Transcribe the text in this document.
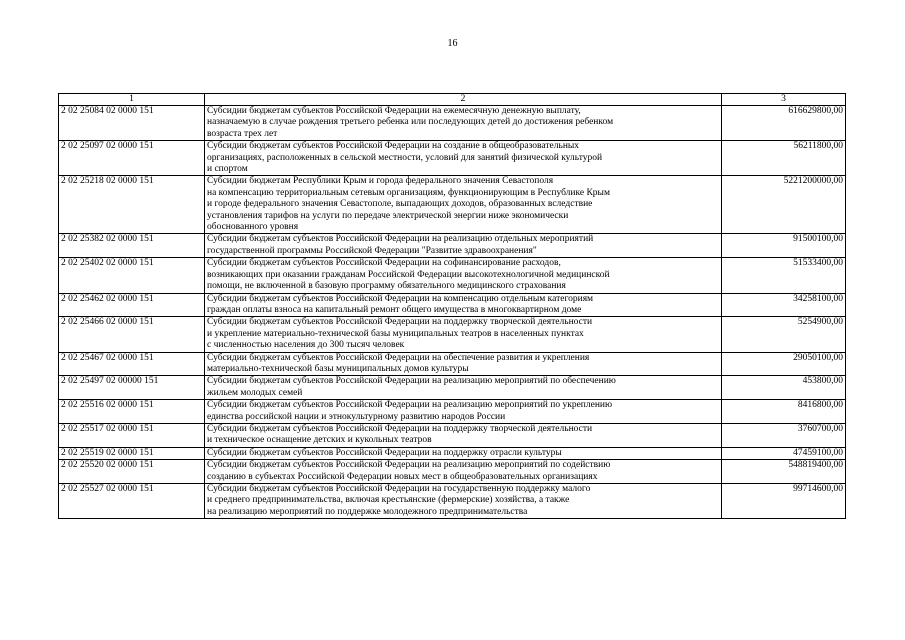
16
1	2	3
2 02 25084 02 0000 151	Субсидии бюджетам субъектов Российской Федерации на ежемесячную денежную выплату,
назначаемую в случае рождения третьего ребенка или последующих детей до достижения ребенком
возраста трех лет	616629800,00
2 02 25097 02 0000 151	Субсидии бюджетам субъектов Российской Федерации на создание в общеобразовательных
организациях, расположенных в сельской местности, условий для занятий физической культурой
и спортом	56211800,00
2 02 25218 02 0000 151	Субсидии бюджетам Республики Крым и города федерального значения Севастополя
на компенсацию территориальным сетевым организациям, функционирующим в Республике Крым
и городе федерального значения Севастополе, выпадающих доходов, образованных вследствие
установления тарифов на услуги по передаче электрической энергии ниже экономически
обоснованного уровня	5221200000,00
2 02 25382 02 0000 151	Субсидии бюджетам субъектов Российской Федерации на реализацию отдельных мероприятий
государственной программы Российской Федерации "Развитие здравоохранения"	91500100,00
2 02 25402 02 0000 151	Субсидии бюджетам субъектов Российской Федерации на софинансирование расходов,
возникающих при оказании гражданам Российской Федерации высокотехнологичной медицинской
помощи, не включенной в базовую программу обязательного медицинского страхования	51533400,00
2 02 25462 02 0000 151	Субсидии бюджетам субъектов Российской Федерации на компенсацию отдельным категориям
граждан оплаты взноса на капитальный ремонт общего имущества в многоквартирном доме	34258100,00
2 02 25466 02 0000 151	Субсидии бюджетам субъектов Российской Федерации на поддержку творческой деятельности
и укрепление материально-технической базы муниципальных театров в населенных пунктах
с численностью населения до 300 тысяч человек	5254900,00
2 02 25467 02 0000 151	Субсидии бюджетам субъектов Российской Федерации на обеспечение развития и укрепления
материально-технической базы муниципальных домов культуры	29050100,00
2 02 25497 02 00000 151	Субсидии бюджетам субъектов Российской Федерации на реализацию мероприятий по обеспечению
жильем молодых семей	453800,00
2 02 25516 02 0000 151	Субсидии бюджетам субъектов Российской Федерации на реализацию мероприятий по укреплению
единства российской нации и этнокультурному развитию народов России	8416800,00
2 02 25517 02 0000 151	Субсидии бюджетам субъектов Российской Федерации на поддержку творческой деятельности
и техническое оснащение детских и кукольных театров	3760700,00
2 02 25519 02 0000 151	Субсидии бюджетам субъектов Российской Федерации на поддержку отрасли культуры	47459100,00
2 02 25520 02 0000 151	Субсидии бюджетам субъектов Российской Федерации на реализацию мероприятий по содействию
созданию в субъектах Российской Федерации новых мест в общеобразовательных организациях	548819400,00
2 02 25527 02 0000 151	Субсидии бюджетам субъектов Российской Федерации на государственную поддержку малого
и среднего предпринимательства, включая крестьянские (фермерские) хозяйства, а также
на реализацию мероприятий по поддержке молодежного предпринимательства	99714600,00
